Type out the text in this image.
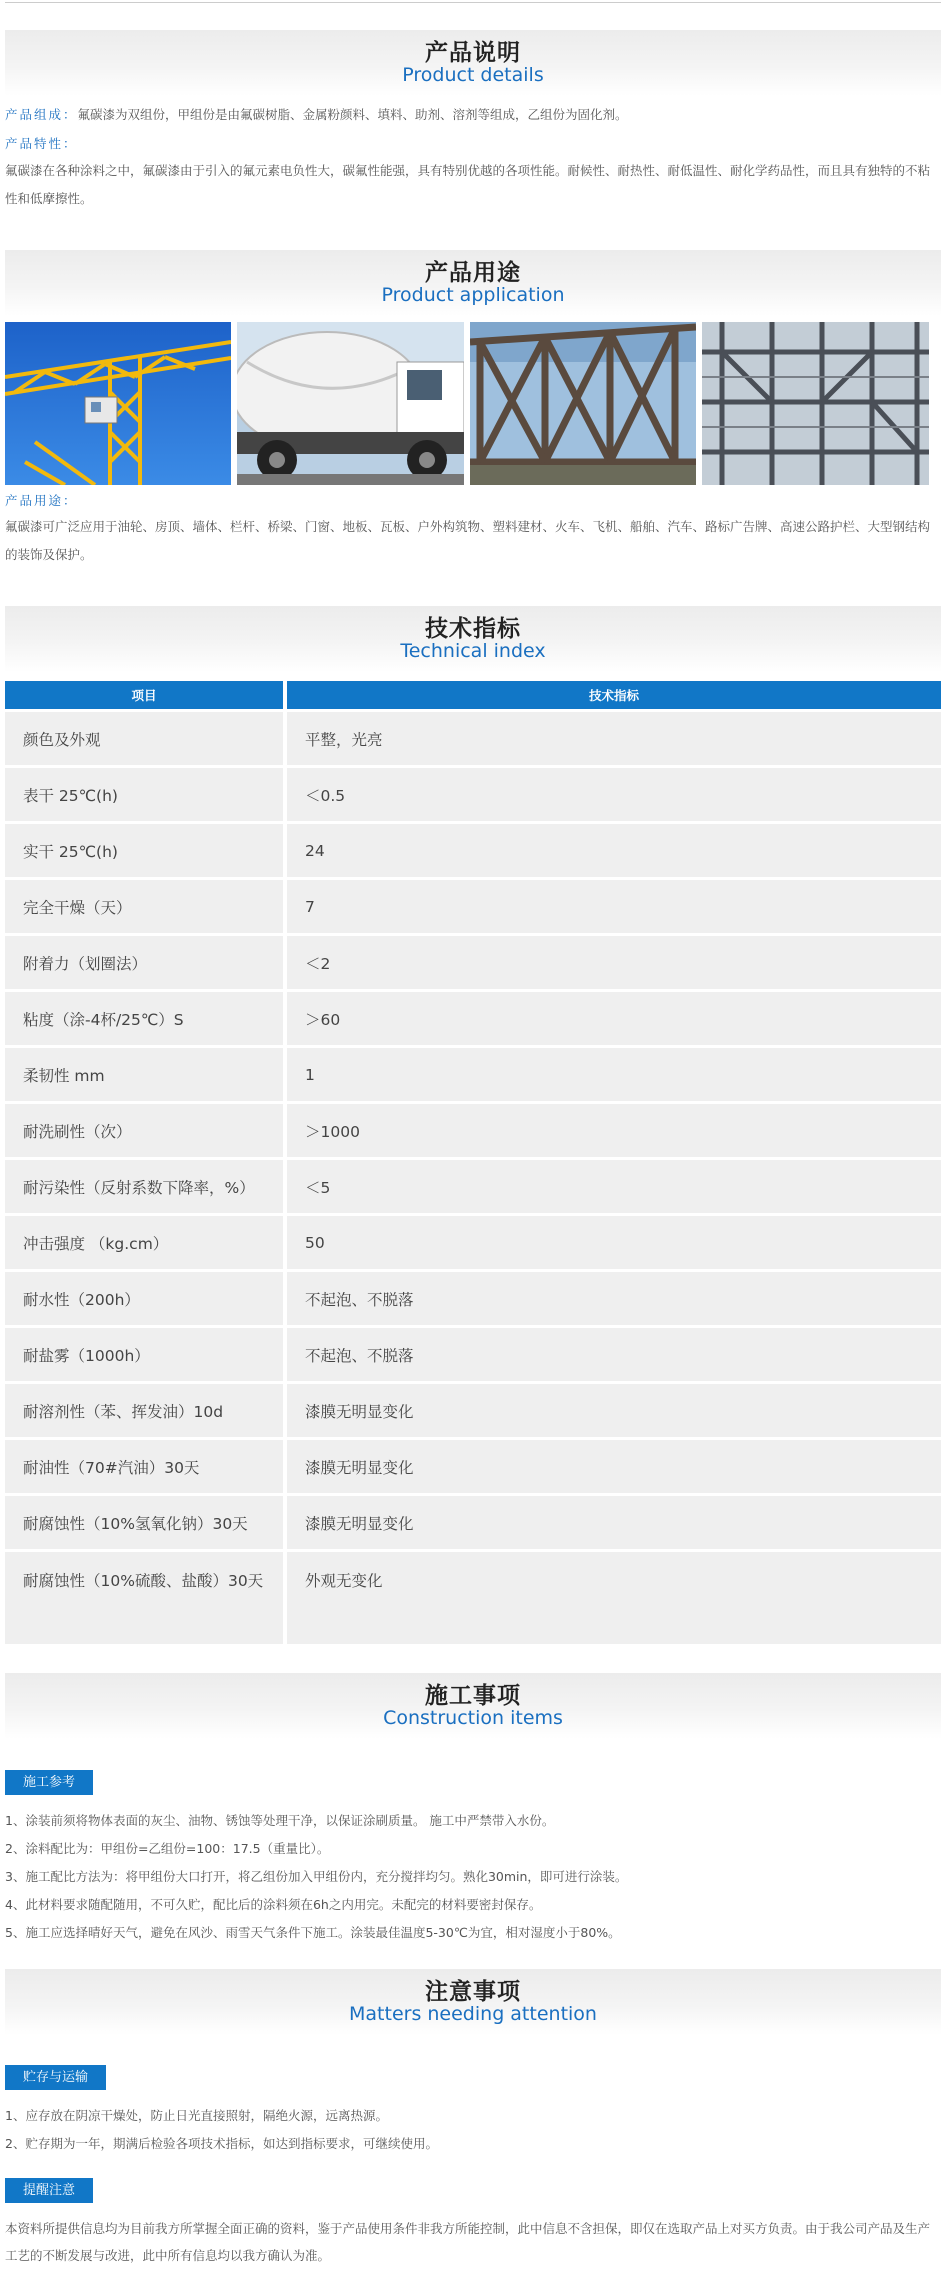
产品说明
Product details
产品组成：氟碳漆为双组份，甲组份是由氟碳树脂、金属粉颜料、填料、助剂、溶剂等组成，乙组份为固化剂。
产品特性：
氟碳漆在各种涂料之中，氟碳漆由于引入的氟元素电负性大，碳氟性能强，具有特别优越的各项性能。耐候性、耐热性、耐低温性、耐化学药品性，而且具有独特的不粘性和低摩擦性。
产品用途
Product application
产品用途：
氟碳漆可广泛应用于油轮、房顶、墙体、栏杆、桥梁、门窗、地板、瓦板、户外构筑物、塑料建材、火车、飞机、船舶、汽车、路标广告牌、高速公路护栏、大型钢结构的装饰及保护。
技术指标
Technical index
项目	技术指标
颜色及外观	平整，光亮
表干 25℃(h)	＜0.5
实干 25℃(h)	24
完全干燥（天）	7
附着力（划圈法）	＜2
粘度（涂-4杯/25℃）S	＞60
柔韧性 mm	1
耐洗刷性（次）	＞1000
耐污染性（反射系数下降率，%）	＜5
冲击强度 （kg.cm）	50
耐水性（200h）	不起泡、不脱落
耐盐雾（1000h）	不起泡、不脱落
耐溶剂性（苯、挥发油）10d	漆膜无明显变化
耐油性（70#汽油）30天	漆膜无明显变化
耐腐蚀性（10%氢氧化钠）30天	漆膜无明显变化
耐腐蚀性（10%硫酸、盐酸）30天	外观无变化
施工事项
Construction items
施工参考
1、涂装前须将物体表面的灰尘、油物、锈蚀等处理干净，以保证涂刷质量。 施工中严禁带入水份。
2、涂料配比为：甲组份=乙组份=100：17.5（重量比）。
3、施工配比方法为：将甲组份大口打开，将乙组份加入甲组份内，充分搅拌均匀。熟化30min，即可进行涂装。
4、此材料要求随配随用，不可久贮，配比后的涂料须在6h之内用完。未配完的材料要密封保存。
5、施工应选择晴好天气，避免在风沙、雨雪天气条件下施工。涂装最佳温度5-30℃为宜，相对湿度小于80%。
注意事项
Matters needing attention
贮存与运输
1、应存放在阴凉干燥处，防止日光直接照射，隔绝火源，远离热源。
2、贮存期为一年，期满后检验各项技术指标，如达到指标要求，可继续使用。
提醒注意
本资料所提供信息均为目前我方所掌握全面正确的资料，鉴于产品使用条件非我方所能控制，此中信息不含担保，即仅在选取产品上对买方负责。由于我公司产品及生产工艺的不断发展与改进，此中所有信息均以我方确认为准。
